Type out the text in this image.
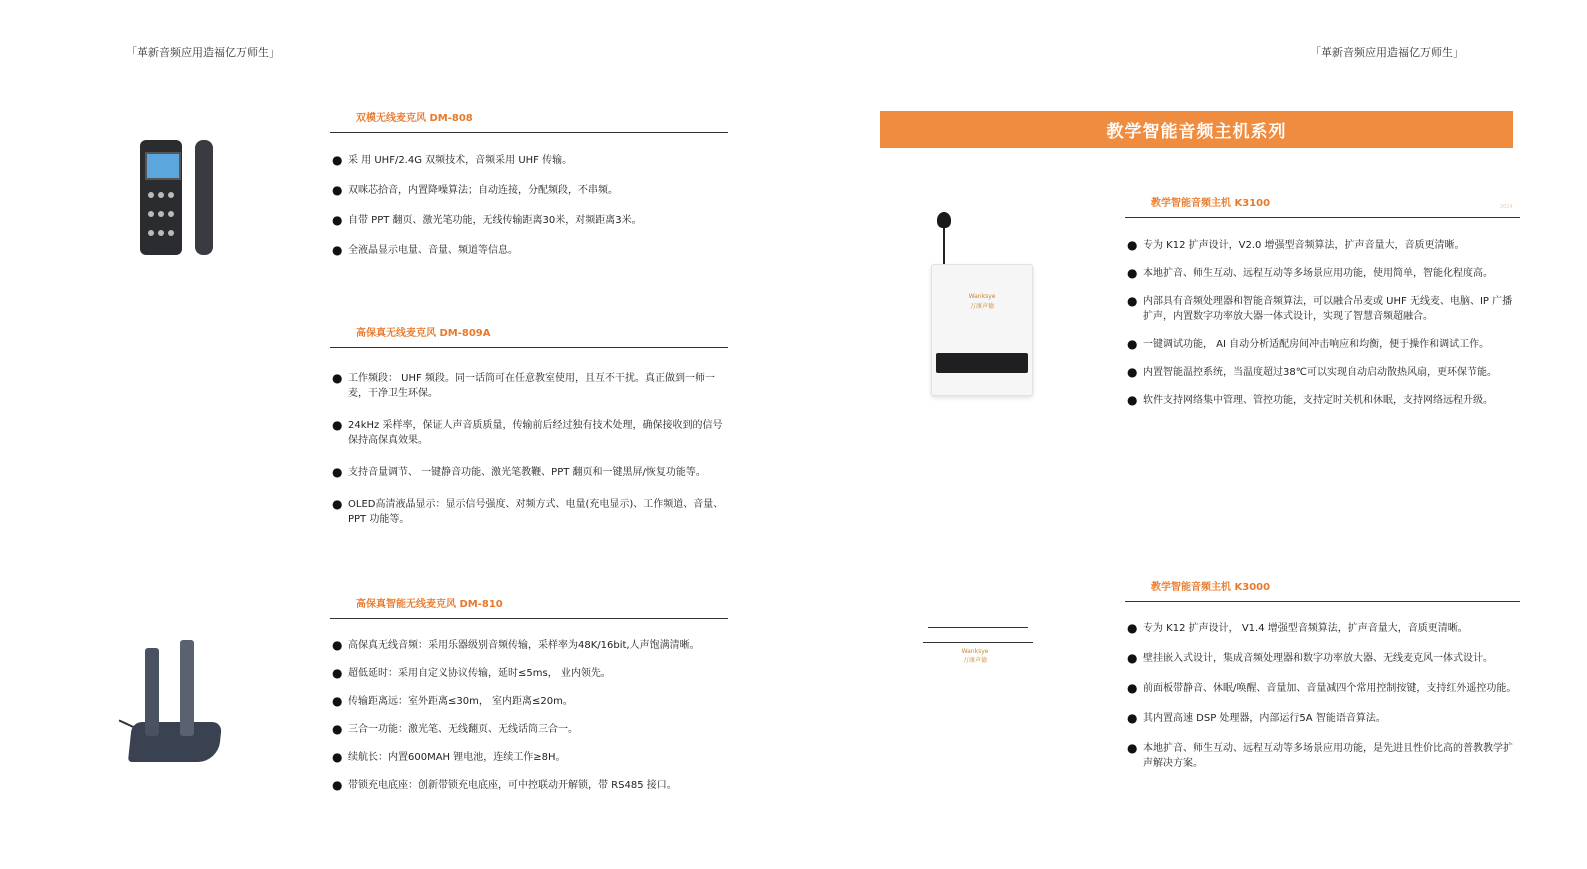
「革新音频应用造福亿万师生」	「革新音频应用造福亿万师生」
教学智能音频主机系列

双模无线麦克风 DM-808
● 采 用 UHF/2.4G 双频技术，音频采用 UHF 传输。
● 双咪芯拾音，内置降噪算法；自动连接，分配频段，不串频。
● 自带 PPT 翻页、激光笔功能，无线传输距离30米，对频距离3米。
● 全液晶显示电量、音量、频道等信息。
高保真无线麦克风 DM-809A
● 工作频段： UHF 频段。同一话筒可在任意教室使用，且互不干扰。真正做到一师一麦，干净卫生环保。
● 24kHz 采样率，保证人声音质质量，传输前后经过独有技术处理，确保接收到的信号保持高保真效果。
● 支持音量调节、 一键静音功能、激光笔教鞭、PPT 翻页和一键黑屏/恢复功能等。
● OLED高清液晶显示：显示信号强度、对频方式、电量(充电显示)、工作频道、音量、PPT 功能等。
高保真智能无线麦克风 DM-810
● 高保真无线音频：采用乐器级别音频传输，采样率为48K/16bit,人声饱满清晰。
● 超低延时：采用自定义协议传输，延时≤5ms， 业内领先。
● 传输距离远：室外距离≤30m， 室内距离≤20m。
● 三合一功能：激光笔、无线翻页、无线话筒三合一。
● 续航长：内置600MAH 锂电池，连续工作≥8H。
● 带锁充电底座：创新带锁充电底座，可中控联动开解锁，带 RS485 接口。
Wanksye
万康声德
Wanksye
万康声德
2024
教学智能音频主机 K3100
● 专为 K12 扩声设计，V2.0 增强型音频算法，扩声音量大，音质更清晰。
● 本地扩音、师生互动、远程互动等多场景应用功能，使用简单，智能化程度高。
● 内部具有音频处理器和智能音频算法，可以融合吊麦或 UHF 无线麦、电脑、IP 广播扩声，内置数字功率放大器一体式设计，实现了智慧音频超融合。
● 一键调试功能， AI 自动分析适配房间冲击响应和均衡，便于操作和调试工作。
● 内置智能温控系统，当温度超过38℃可以实现自动启动散热风扇，更环保节能。
● 软件支持网络集中管理、管控功能，支持定时关机和休眠，支持网络远程升级。
教学智能音频主机 K3000
● 专为 K12 扩声设计， V1.4 增强型音频算法，扩声音量大，音质更清晰。
● 壁挂嵌入式设计，集成音频处理器和数字功率放大器、无线麦克风一体式设计。
● 前面板带静音、休眠/唤醒、音量加、音量减四个常用控制按键，支持红外遥控功能。
● 其内置高速 DSP 处理器，内部运行5A 智能语音算法。
● 本地扩音、师生互动、远程互动等多场景应用功能，是先进且性价比高的普教教学扩声解决方案。
